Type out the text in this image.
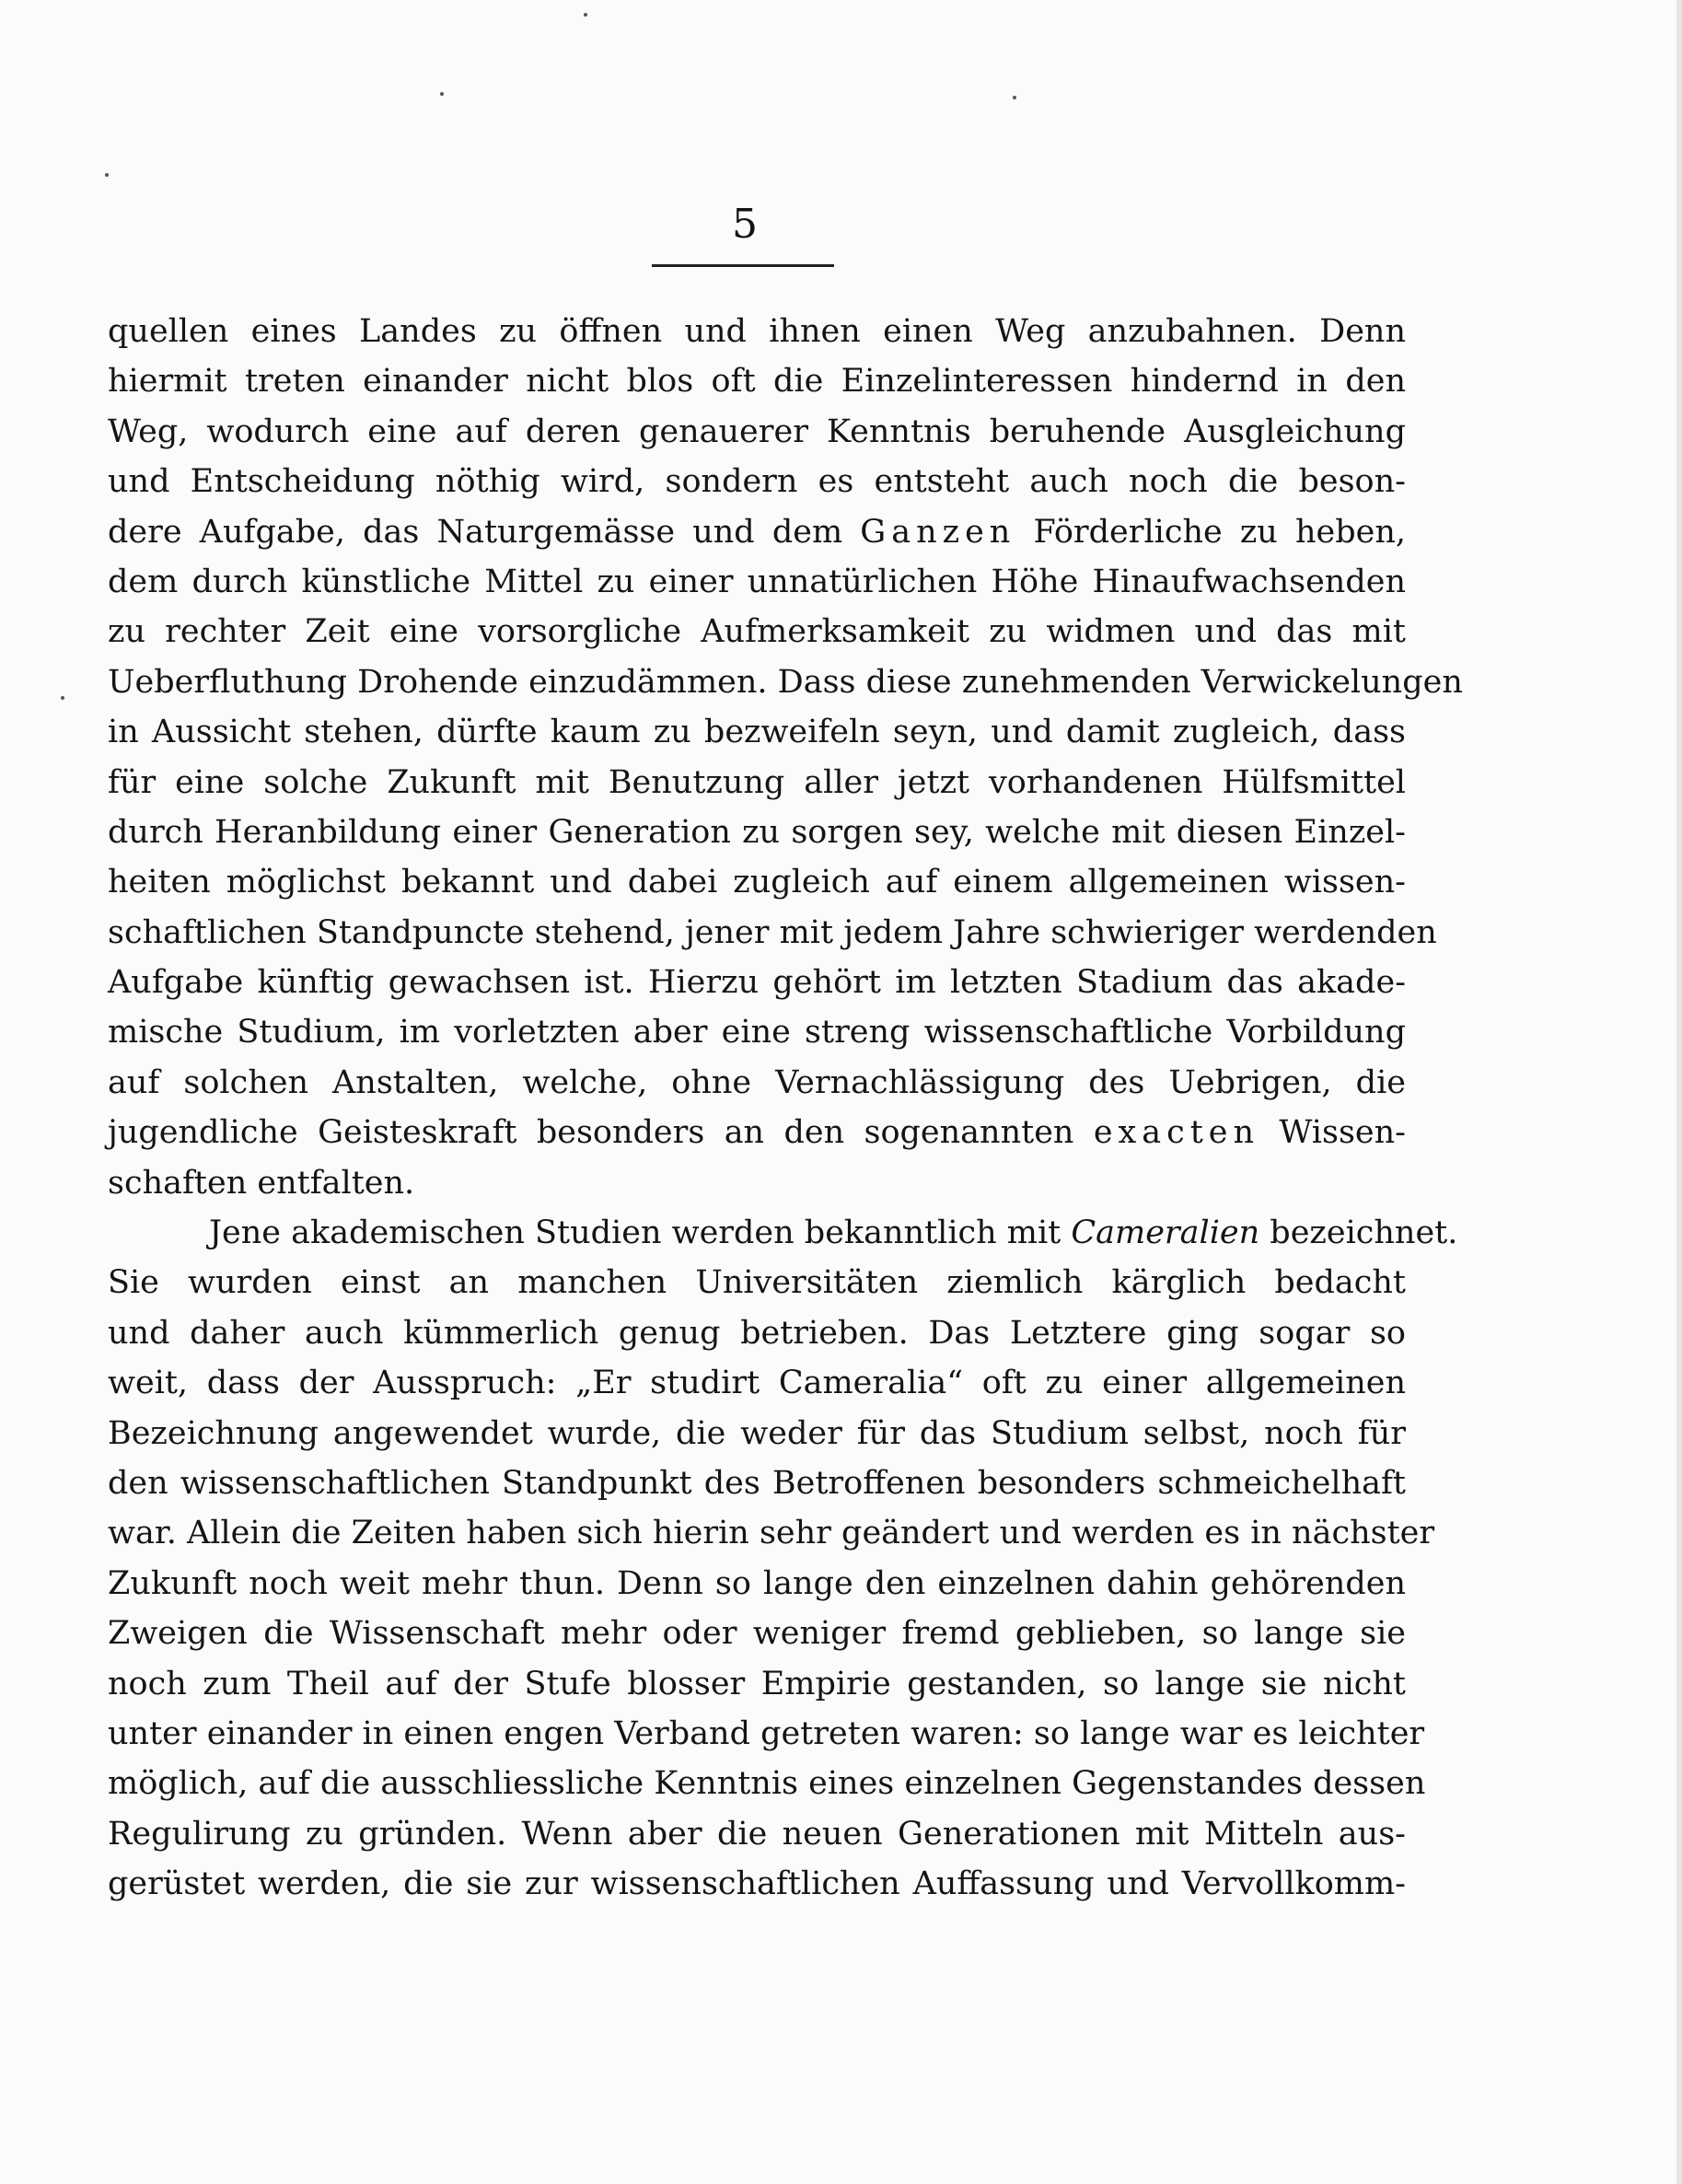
5
quellen eines Landes zu öffnen und ihnen einen Weg anzubahnen. Denn
hiermit treten einander nicht blos oft die Einzelinteressen hindernd in den
Weg, wodurch eine auf deren genauerer Kenntnis beruhende Ausgleichung
und Entscheidung nöthig wird, sondern es entsteht auch noch die beson-
dere Aufgabe, das Naturgemässe und dem Ganzen Förderliche zu heben,
dem durch künstliche Mittel zu einer unnatürlichen Höhe Hinaufwachsenden
zu rechter Zeit eine vorsorgliche Aufmerksamkeit zu widmen und das mit
Ueberfluthung Drohende einzudämmen. Dass diese zunehmenden Verwickelungen
in Aussicht stehen, dürfte kaum zu bezweifeln seyn, und damit zugleich, dass
für eine solche Zukunft mit Benutzung aller jetzt vorhandenen Hülfsmittel
durch Heranbildung einer Generation zu sorgen sey, welche mit diesen Einzel-
heiten möglichst bekannt und dabei zugleich auf einem allgemeinen wissen-
schaftlichen Standpuncte stehend, jener mit jedem Jahre schwieriger werdenden
Aufgabe künftig gewachsen ist. Hierzu gehört im letzten Stadium das akade-
mische Studium, im vorletzten aber eine streng wissenschaftliche Vorbildung
auf solchen Anstalten, welche, ohne Vernachlässigung des Uebrigen, die
jugendliche Geisteskraft besonders an den sogenannten exacten Wissen-
schaften entfalten.
Jene akademischen Studien werden bekanntlich mit Cameralien bezeichnet.
Sie wurden einst an manchen Universitäten ziemlich kärglich bedacht
und daher auch kümmerlich genug betrieben. Das Letztere ging sogar so
weit, dass der Ausspruch: „Er studirt Cameralia“ oft zu einer allgemeinen
Bezeichnung angewendet wurde, die weder für das Studium selbst, noch für
den wissenschaftlichen Standpunkt des Betroffenen besonders schmeichelhaft
war. Allein die Zeiten haben sich hierin sehr geändert und werden es in nächster
Zukunft noch weit mehr thun. Denn so lange den einzelnen dahin gehörenden
Zweigen die Wissenschaft mehr oder weniger fremd geblieben, so lange sie
noch zum Theil auf der Stufe blosser Empirie gestanden, so lange sie nicht
unter einander in einen engen Verband getreten waren: so lange war es leichter
möglich, auf die ausschliessliche Kenntnis eines einzelnen Gegenstandes dessen
Regulirung zu gründen. Wenn aber die neuen Generationen mit Mitteln aus-
gerüstet werden, die sie zur wissenschaftlichen Auffassung und Vervollkomm-
